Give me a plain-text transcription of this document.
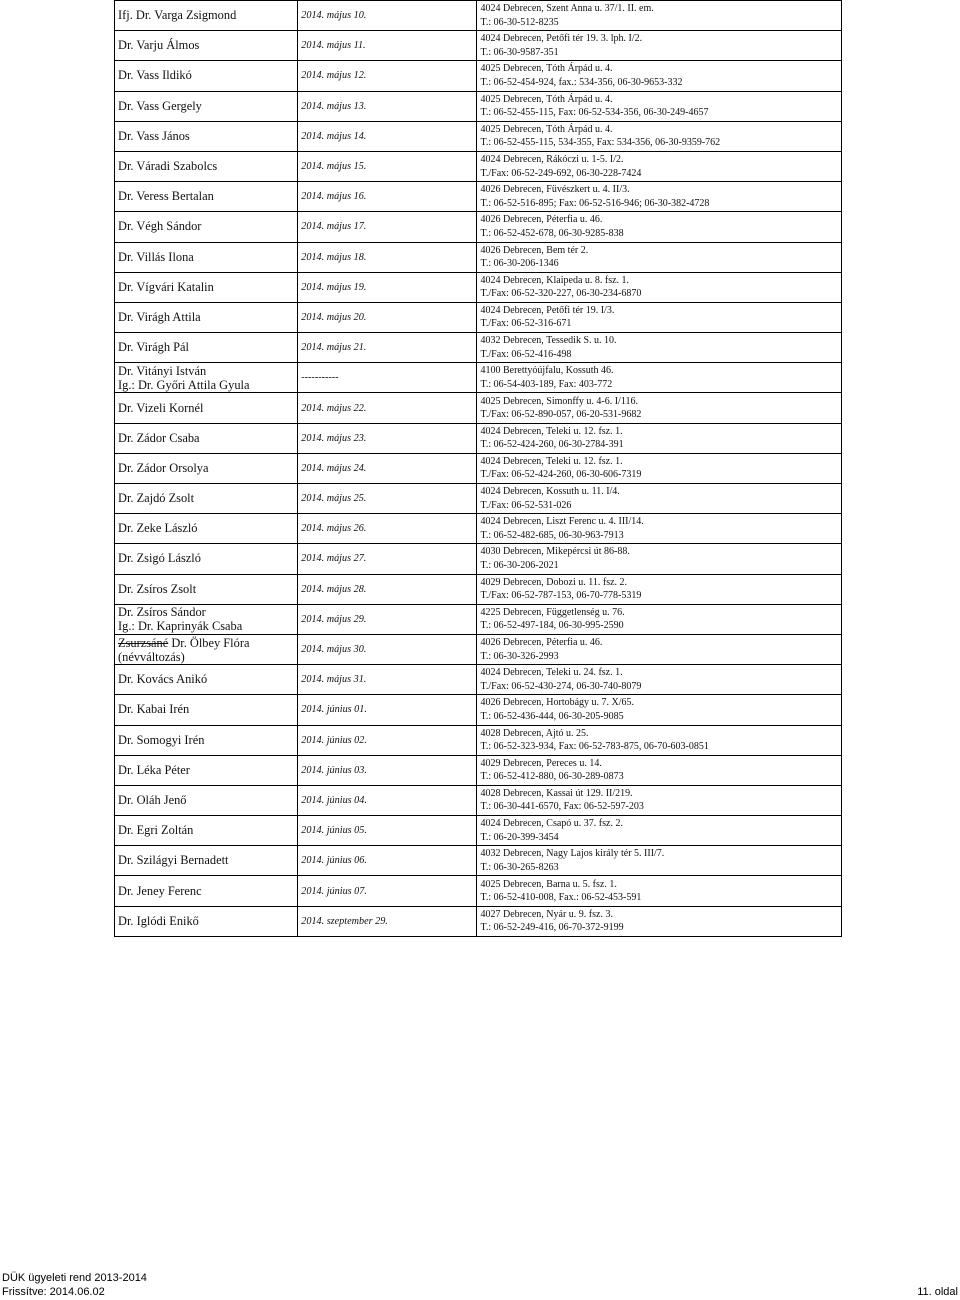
Ifj. Dr. Varga Zsigmond	2014. május 10.	4024 Debrecen, Szent Anna u. 37/1. II. em.
T.: 06-30-512-8235

Dr. Varju Álmos	2014. május 11.	4024 Debrecen, Petőfi tér 19. 3. lph. I/2.
T.: 06-30-9587-351

Dr. Vass Ildikó	2014. május 12.	4025 Debrecen, Tóth Árpád u. 4.
T.: 06-52-454-924, fax.: 534-356, 06-30-9653-332

Dr. Vass Gergely	2014. május 13.	4025 Debrecen, Tóth Árpád u. 4.
T.: 06-52-455-115, Fax: 06-52-534-356, 06-30-249-4657

Dr. Vass János	2014. május 14.	4025 Debrecen, Tóth Árpád u. 4.
T.: 06-52-455-115, 534-355, Fax: 534-356, 06-30-9359-762

Dr. Váradi Szabolcs	2014. május 15.	4024 Debrecen, Rákóczi u. 1-5. I/2.
T./Fax: 06-52-249-692, 06-30-228-7424

Dr. Veress Bertalan	2014. május 16.	4026 Debrecen, Füvészkert u. 4. II/3.
T.: 06-52-516-895; Fax: 06-52-516-946; 06-30-382-4728

Dr. Végh Sándor	2014. május 17.	4026 Debrecen, Péterfia u. 46.
T.: 06-52-452-678, 06-30-9285-838

Dr. Villás Ilona	2014. május 18.	4026 Debrecen, Bem tér 2.
T.: 06-30-206-1346

Dr. Vígvári Katalin	2014. május 19.	4024 Debrecen, Klaipeda u. 8. fsz. 1.
T./Fax: 06-52-320-227, 06-30-234-6870

Dr. Virágh Attila	2014. május 20.	4024 Debrecen, Petőfi tér 19. I/3.
T./Fax: 06-52-316-671

Dr. Virágh Pál	2014. május 21.	4032 Debrecen, Tessedik S. u. 10.
T./Fax: 06-52-416-498

Dr. Vitányi István
Ig.: Dr. Győri Attila Gyula	-----------	4100 Berettyóújfalu, Kossuth 46.
T.: 06-54-403-189, Fax: 403-772

Dr. Vizeli Kornél	2014. május 22.	4025 Debrecen, Simonffy u. 4-6. I/116.
T./Fax: 06-52-890-057, 06-20-531-9682

Dr. Zádor Csaba	2014. május 23.	4024 Debrecen, Teleki u. 12. fsz. 1.
T.: 06-52-424-260, 06-30-2784-391

Dr. Zádor Orsolya	2014. május 24.	4024 Debrecen, Teleki u. 12. fsz. 1.
T./Fax: 06-52-424-260, 06-30-606-7319

Dr. Zajdó Zsolt	2014. május 25.	4024 Debrecen, Kossuth u. 11. I/4.
T./Fax: 06-52-531-026

Dr. Zeke László	2014. május 26.	4024 Debrecen, Liszt Ferenc u. 4. III/14.
T.: 06-52-482-685, 06-30-963-7913

Dr. Zsigó László	2014. május 27.	4030 Debrecen, Mikepércsi út 86-88.
T.: 06-30-206-2021

Dr. Zsíros Zsolt	2014. május 28.	4029 Debrecen, Dobozi u. 11. fsz. 2.
T./Fax: 06-52-787-153, 06-70-778-5319

Dr. Zsíros Sándor
Ig.: Dr. Kaprinyák Csaba	2014. május 29.	4225 Debrecen, Függetlenség u. 76.
T.: 06-52-497-184, 06-30-995-2590

Zsurzsáné Dr. Ölbey Flóra
(névváltozás)	2014. május 30.	4026 Debrecen, Péterfia u. 46.
T.: 06-30-326-2993

Dr. Kovács Anikó	2014. május 31.	4024 Debrecen, Teleki u. 24. fsz. 1.
T./Fax: 06-52-430-274, 06-30-740-8079

Dr. Kabai Irén	2014. június 01.	4026 Debrecen, Hortobágy u. 7. X/65.
T.: 06-52-436-444, 06-30-205-9085

Dr. Somogyi Irén	2014. június 02.	4028 Debrecen, Ajtó u. 25.
T.: 06-52-323-934, Fax: 06-52-783-875, 06-70-603-0851

Dr. Léka Péter	2014. június 03.	4029 Debrecen, Pereces u. 14.
T.: 06-52-412-880, 06-30-289-0873

Dr. Oláh Jenő	2014. június 04.	4028 Debrecen, Kassai út 129. II/219.
T.: 06-30-441-6570, Fax: 06-52-597-203

Dr. Egri Zoltán	2014. június 05.	4024 Debrecen, Csapó u. 37. fsz. 2.
T.: 06-20-399-3454

Dr. Szilágyi Bernadett	2014. június 06.	4032 Debrecen, Nagy Lajos király tér 5. III/7.
T.: 06-30-265-8263

Dr. Jeney Ferenc	2014. június 07.	4025 Debrecen, Barna u. 5. fsz. 1.
T.: 06-52-410-008, Fax.: 06-52-453-591

Dr. Iglódi Enikő	2014. szeptember 29.	4027 Debrecen, Nyár u. 9. fsz. 3.
T.: 06-52-249-416, 06-70-372-9199
DÜK ügyeleti rend 2013-2014
Frissítve: 2014.06.02	11. oldal
